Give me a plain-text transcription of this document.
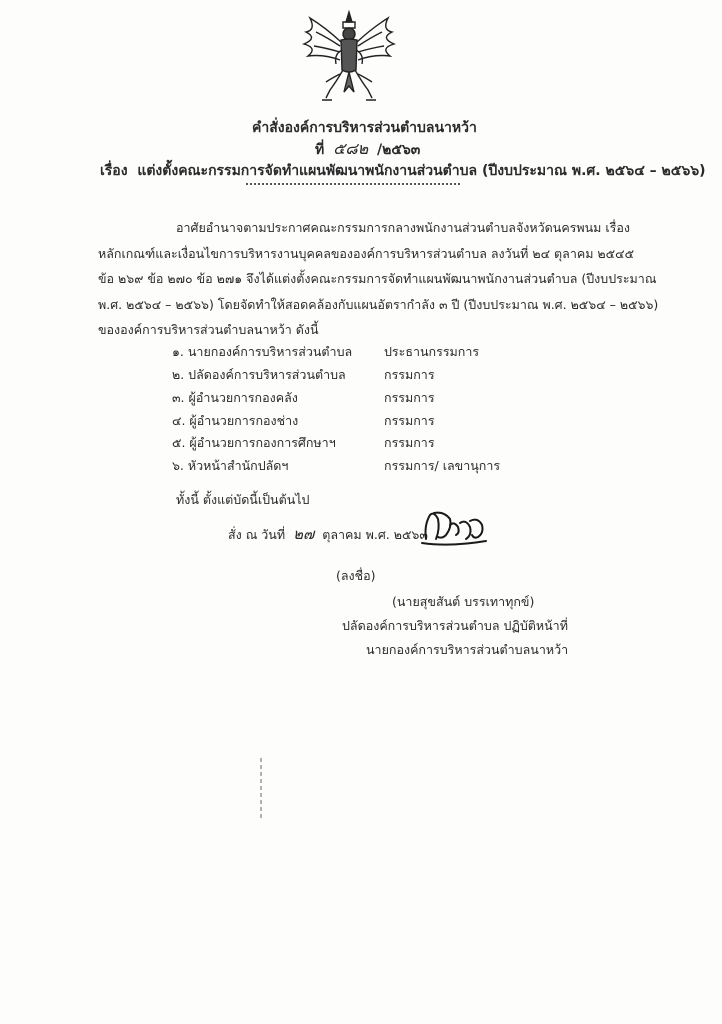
คำสั่งองค์การบริหารส่วนตำบลนาหว้า
ที่ ๕๘๒ /๒๕๖๓
เรื่อง แต่งตั้งคณะกรรมการจัดทำแผนพัฒนาพนักงานส่วนตำบล (ปีงบประมาณ พ.ศ. ๒๕๖๔ – ๒๕๖๖)
อาศัยอำนาจตามประกาศคณะกรรมการกลางพนักงานส่วนตำบลจังหวัดนครพนม เรื่อง
หลักเกณฑ์และเงื่อนไขการบริหารงานบุคคลขององค์การบริหารส่วนตำบล ลงวันที่ ๒๔ ตุลาคม ๒๕๔๕
ข้อ ๒๖๙ ข้อ ๒๗๐ ข้อ ๒๗๑ จึงได้แต่งตั้งคณะกรรมการจัดทำแผนพัฒนาพนักงานส่วนตำบล (ปีงบประมาณ
พ.ศ. ๒๕๖๔ – ๒๕๖๖) โดยจัดทำให้สอดคล้องกับแผนอัตรากำลัง ๓ ปี (ปีงบประมาณ พ.ศ. ๒๕๖๔ – ๒๕๖๖)
ขององค์การบริหารส่วนตำบลนาหว้า ดังนี้
๑. นายกองค์การบริหารส่วนตำบล	ประธานกรรมการ
๒. ปลัดองค์การบริหารส่วนตำบล	กรรมการ
๓. ผู้อำนวยการกองคลัง	กรรมการ
๔. ผู้อำนวยการกองช่าง	กรรมการ
๕. ผู้อำนวยการกองการศึกษาฯ	กรรมการ
๖. หัวหน้าสำนักปลัดฯ	กรรมการ/ เลขานุการ
ทั้งนี้ ตั้งแต่บัดนี้เป็นต้นไป
สั่ง ณ วันที่ ๒๗ ตุลาคม พ.ศ. ๒๕๖๓
(ลงชื่อ)
(นายสุขสันต์ บรรเทาทุกข์)
ปลัดองค์การบริหารส่วนตำบล ปฏิบัติหน้าที่
นายกองค์การบริหารส่วนตำบลนาหว้า
